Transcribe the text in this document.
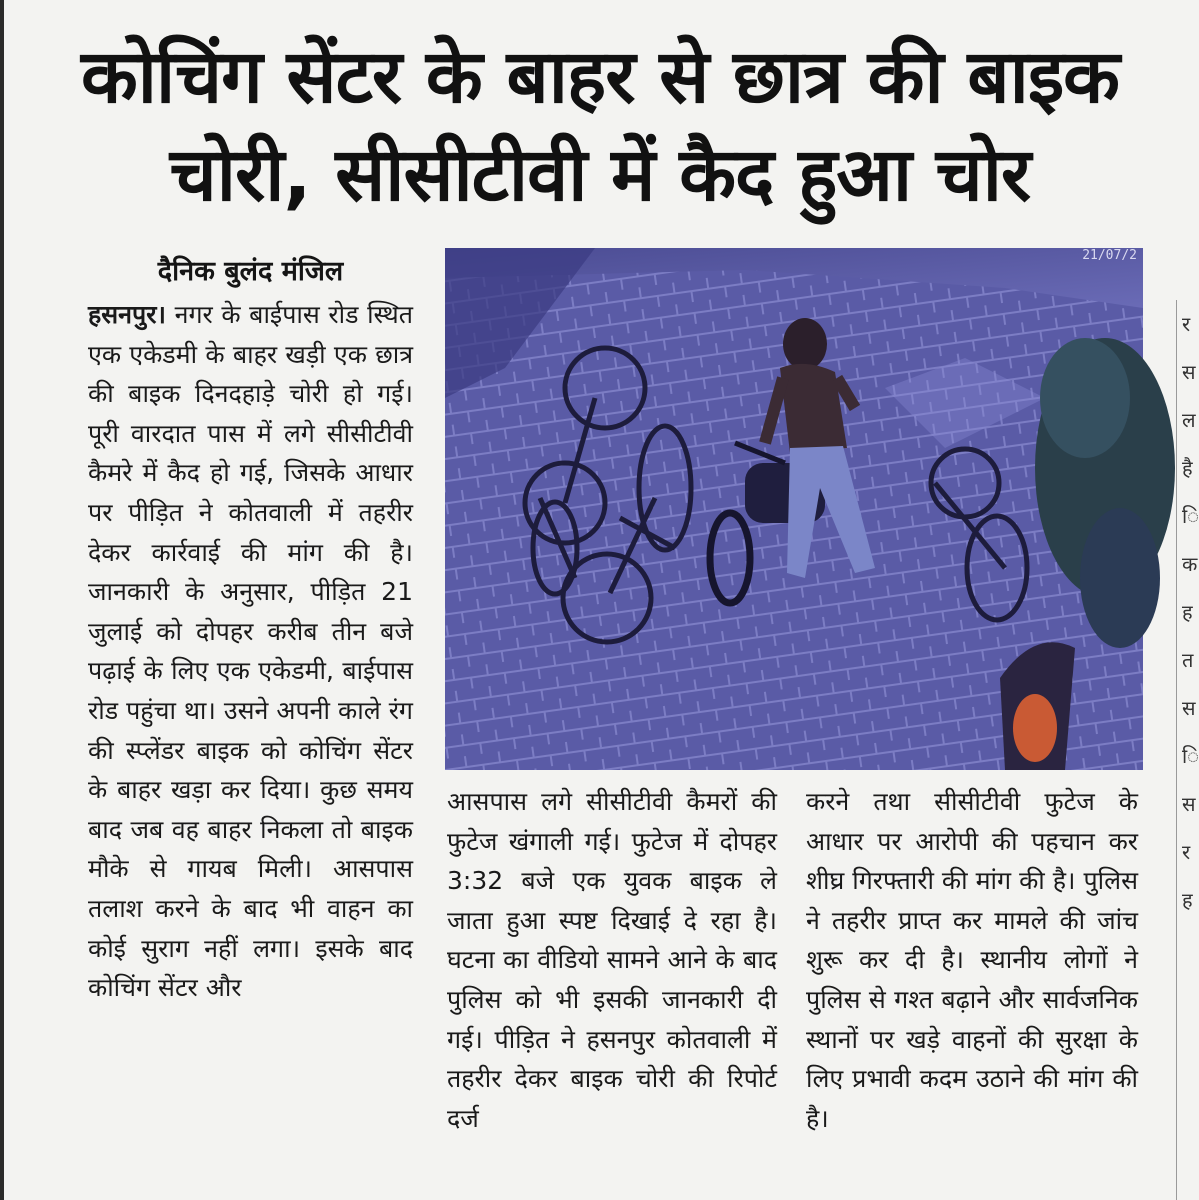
कोचिंग सेंटर के बाहर से छात्र की बाइक
चोरी, सीसीटीवी में कैद हुआ चोर
दैनिक बुलंद मंजिल
हसनपुर। नगर के बाईपास रोड स्थित एक एकेडमी के बाहर खड़ी एक छात्र की बाइक दिनदहाड़े चोरी हो गई। पूरी वारदात पास में लगे सीसीटीवी कैमरे में कैद हो गई, जिसके आधार पर पीड़ित ने कोतवाली में तहरीर देकर कार्रवाई की मांग की है। जानकारी के अनुसार, पीड़ित 21 जुलाई को दोपहर करीब तीन बजे पढ़ाई के लिए एक एकेडमी, बाईपास रोड पहुंचा था। उसने अपनी काले रंग की स्प्लेंडर बाइक को कोचिंग सेंटर के बाहर खड़ा कर दिया। कुछ समय बाद जब वह बाहर निकला तो बाइक मौके से गायब मिली। आसपास तलाश करने के बाद भी वाहन का कोई सुराग नहीं लगा। इसके बाद कोचिंग सेंटर और
21/07/2
आसपास लगे सीसीटीवी कैमरों की फुटेज खंगाली गई। फुटेज में दोपहर 3:32 बजे एक युवक बाइक ले जाता हुआ स्पष्ट दिखाई दे रहा है। घटना का वीडियो सामने आने के बाद पुलिस को भी इसकी जानकारी दी गई। पीड़ित ने हसनपुर कोतवाली में तहरीर देकर बाइक चोरी की रिपोर्ट दर्ज
करने तथा सीसीटीवी फुटेज के आधार पर आरोपी की पहचान कर शीघ्र गिरफ्तारी की मांग की है। पुलिस ने तहरीर प्राप्त कर मामले की जांच शुरू कर दी है। स्थानीय लोगों ने पुलिस से गश्त बढ़ाने और सार्वजनिक स्थानों पर खड़े वाहनों की सुरक्षा के लिए प्रभावी कदम उठाने की मांग की है।
र स ल है ि क ह त स ि स र ह
